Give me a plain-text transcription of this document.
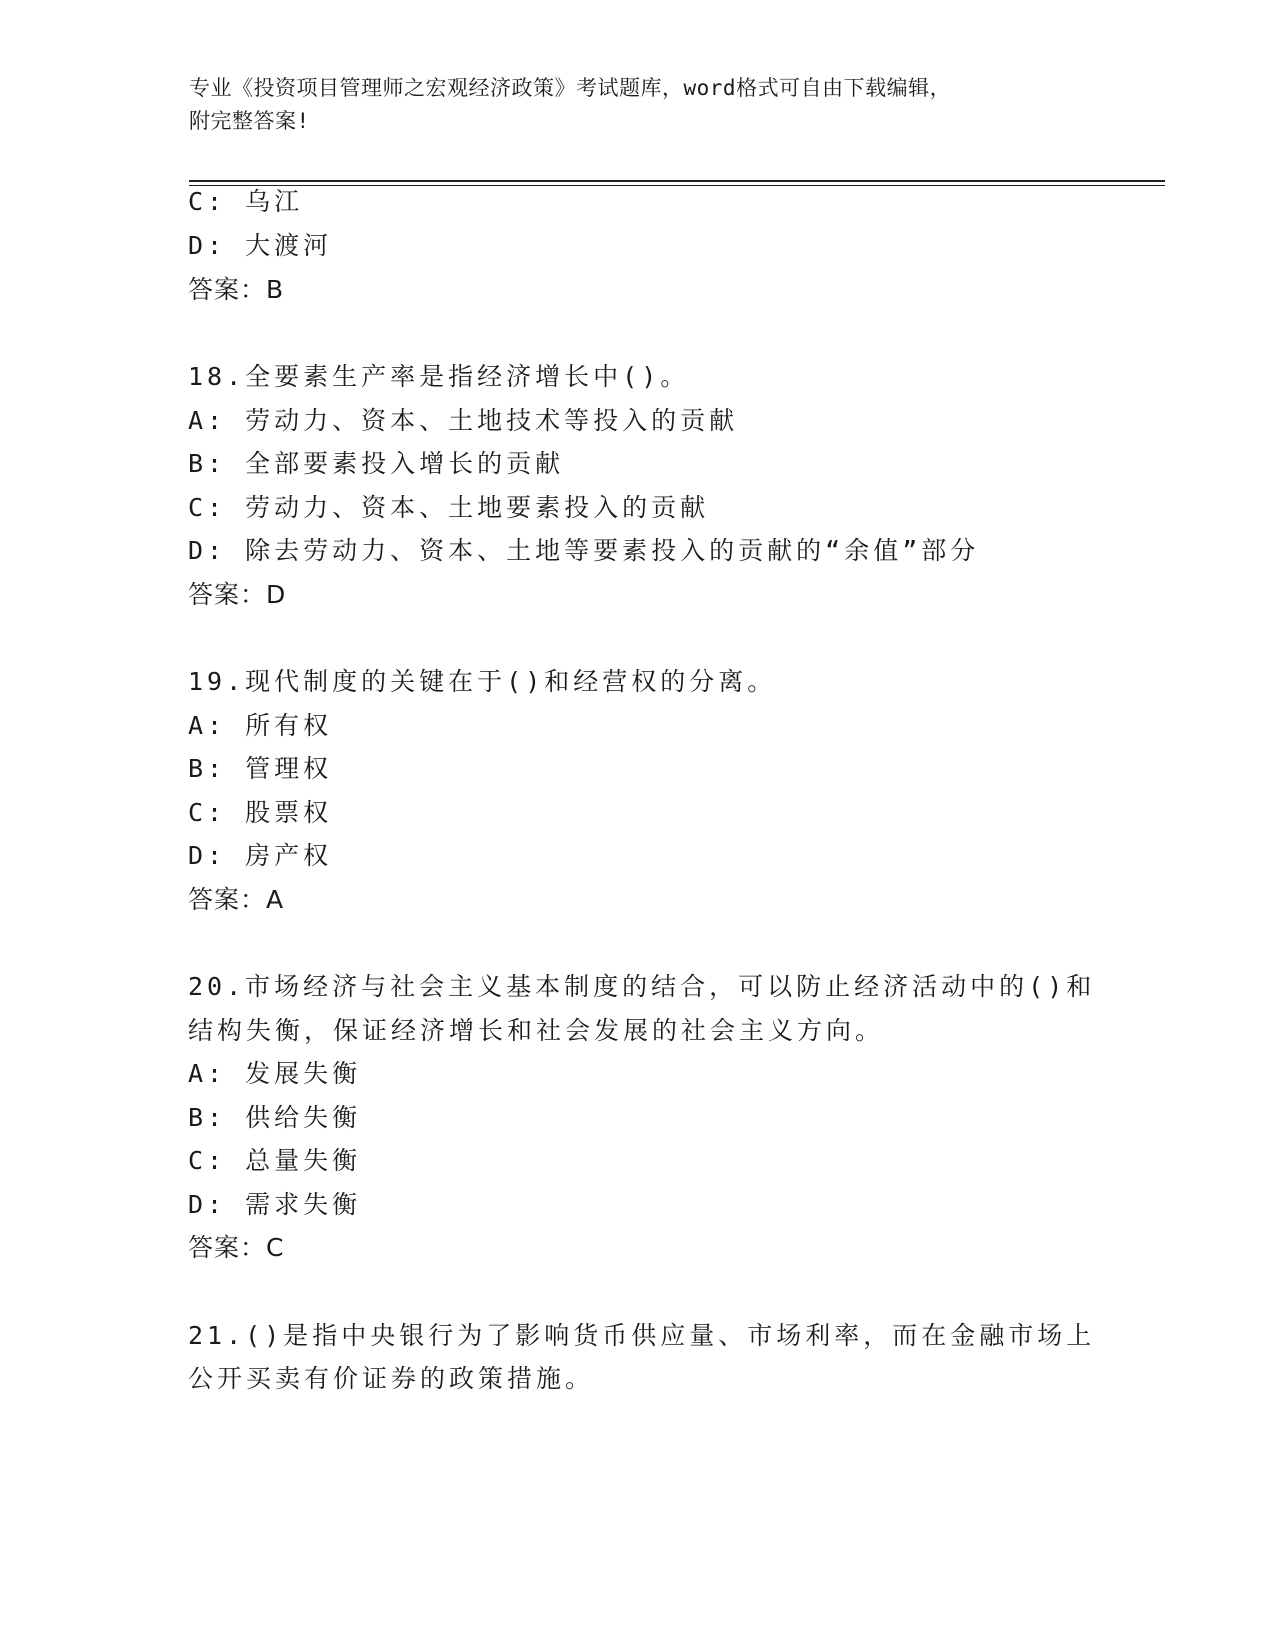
专业《投资项目管理师之宏观经济政策》考试题库，word格式可自由下载编辑，
附完整答案!
C: 乌江
D: 大渡河
答案：B
18.全要素生产率是指经济增长中()。
A: 劳动力、资本、土地技术等投入的贡献
B: 全部要素投入增长的贡献
C: 劳动力、资本、土地要素投入的贡献
D: 除去劳动力、资本、土地等要素投入的贡献的“余值”部分
答案：D
19.现代制度的关键在于()和经营权的分离。
A: 所有权
B: 管理权
C: 股票权
D: 房产权
答案：A
20.市场经济与社会主义基本制度的结合，可以防止经济活动中的()和
结构失衡，保证经济增长和社会发展的社会主义方向。
A: 发展失衡
B: 供给失衡
C: 总量失衡
D: 需求失衡
答案：C
21.()是指中央银行为了影响货币供应量、市场利率，而在金融市场上
公开买卖有价证券的政策措施。
